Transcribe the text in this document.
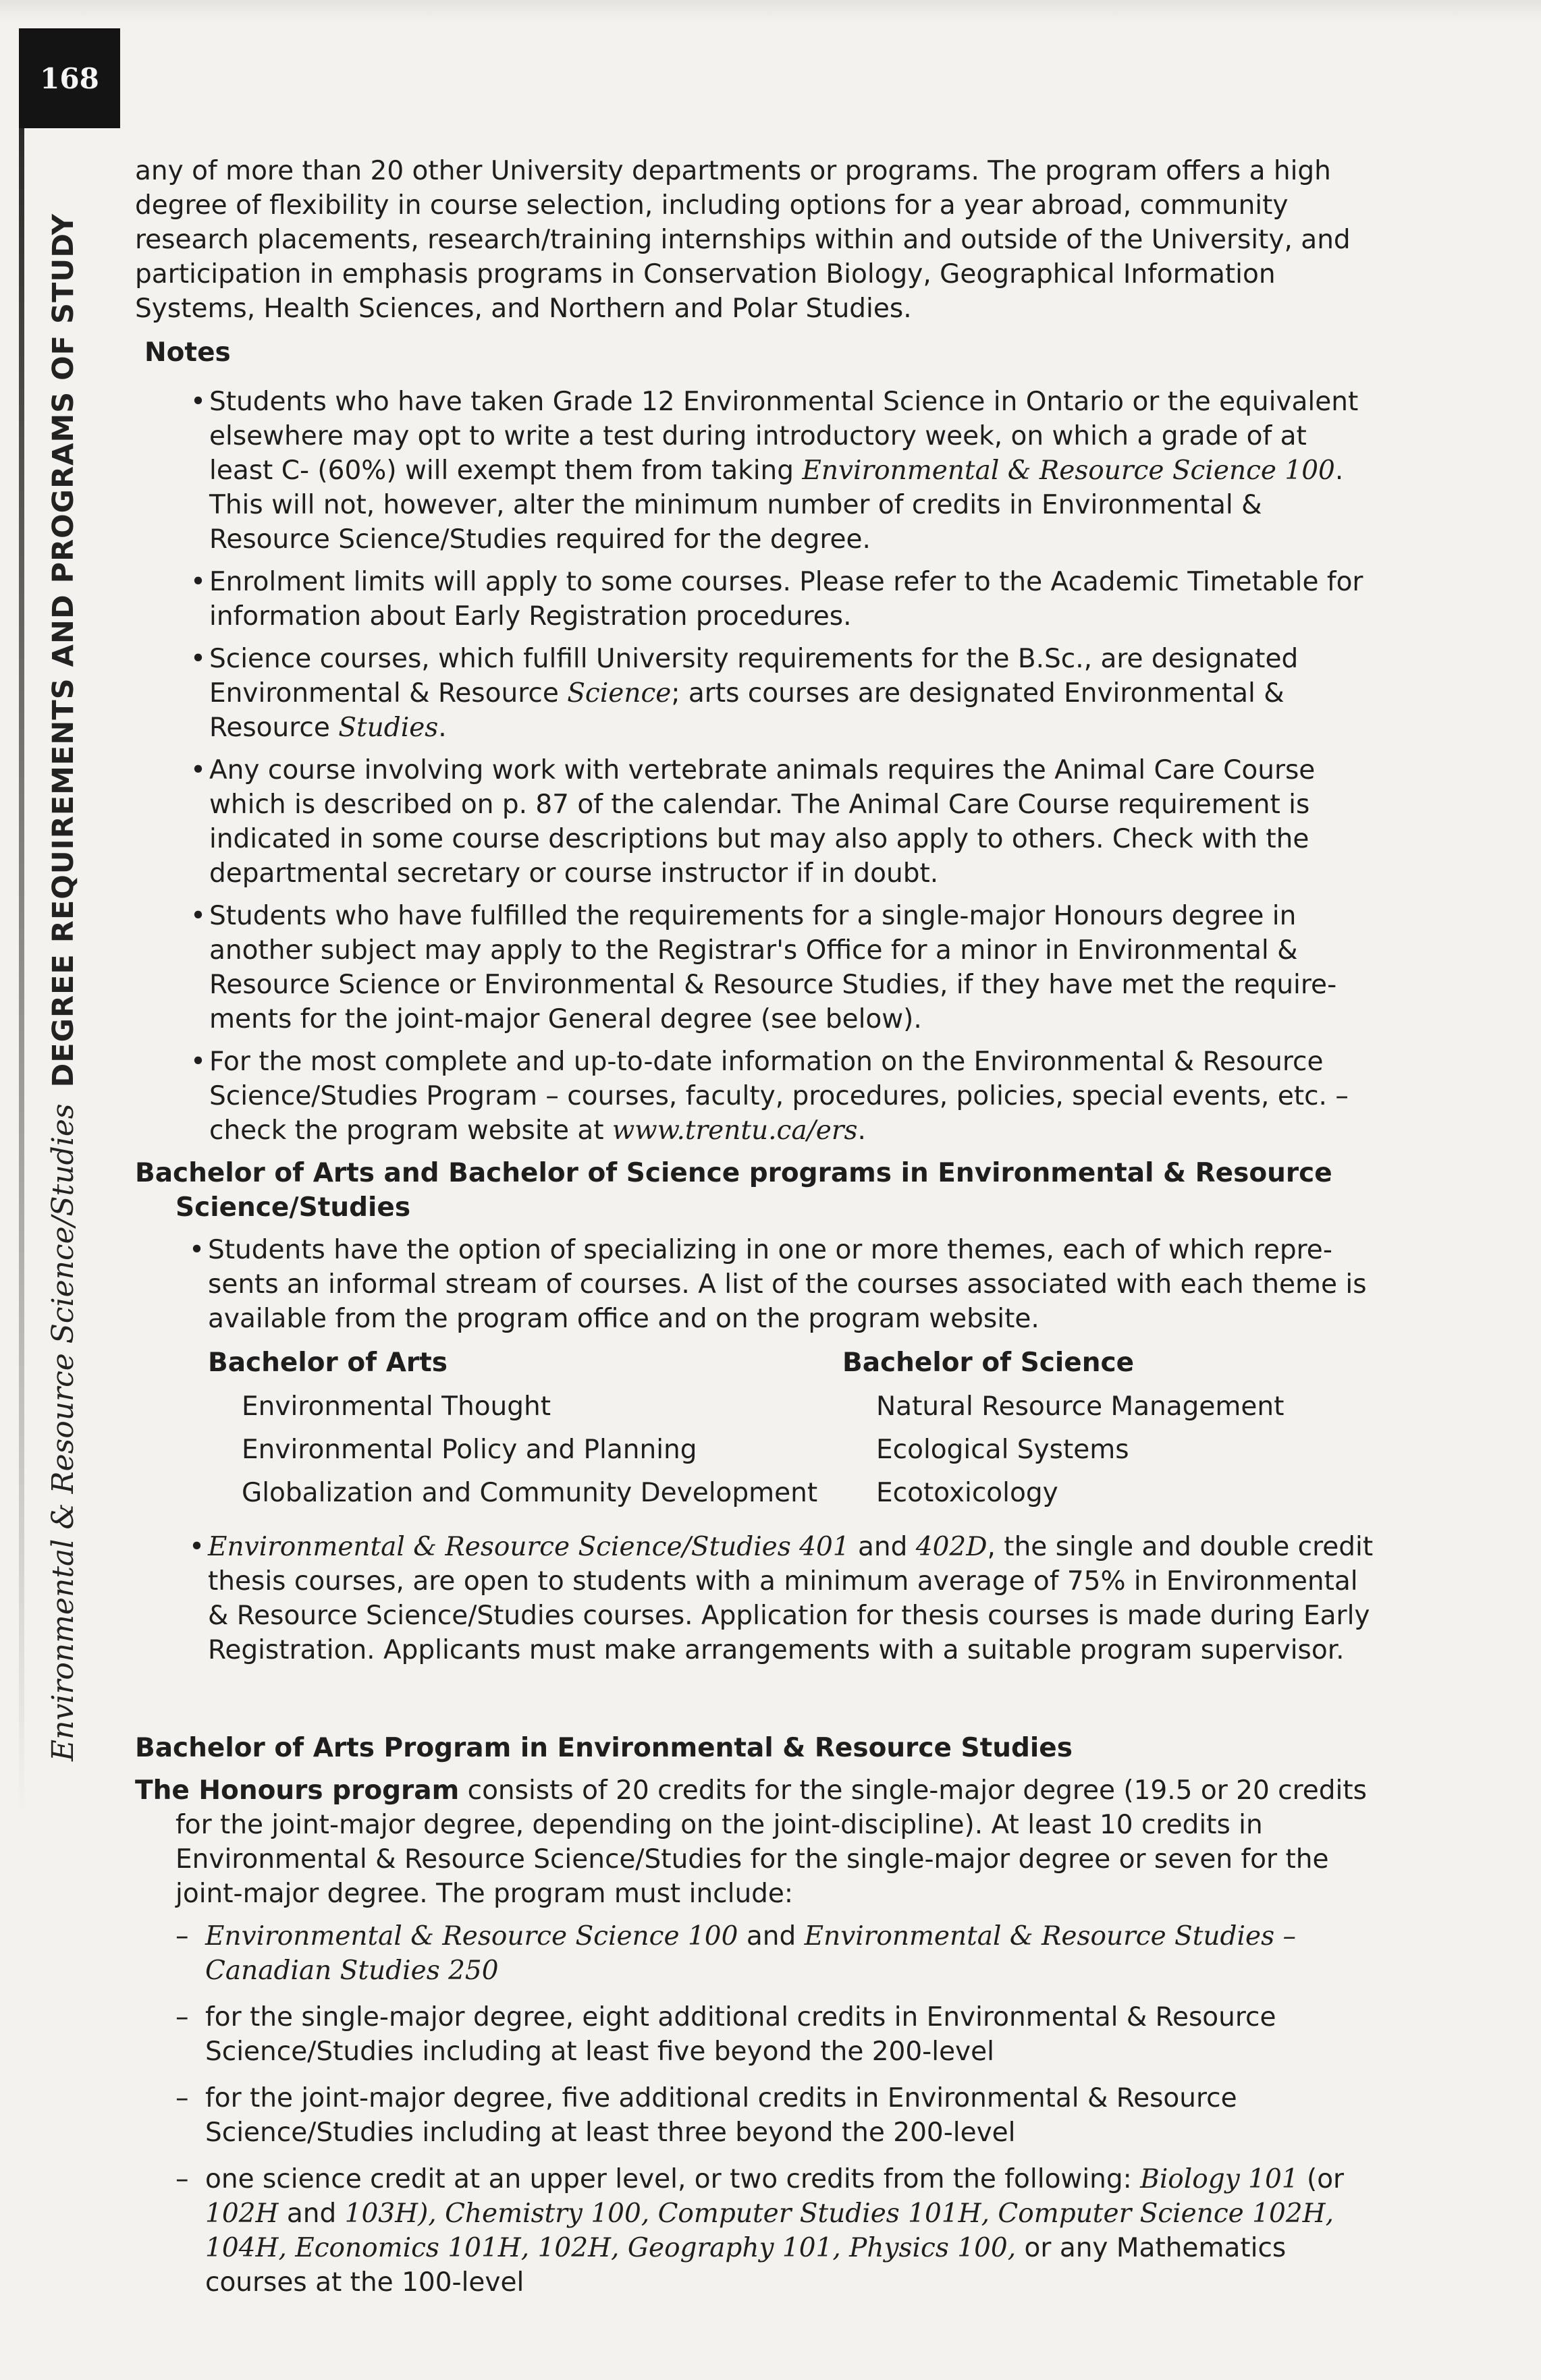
168
Environmental & Resource Science/StudiesDEGREE REQUIREMENTS AND PROGRAMS OF STUDY

any of more than 20 other University departments or programs. The program offers a high degree of flexibility in course selection, including options for a year abroad, community research placements, research/training internships within and outside of the University, and participation in emphasis programs in Conservation Biology, Geographical Information Systems, Health Sciences, and Northern and Polar Studies.

Notes

• Students who have taken Grade 12 Environmental Science in Ontario or the equivalent elsewhere may opt to write a test during introductory week, on which a grade of at least C- (60%) will exempt them from taking Environmental & Resource Science 100. This will not, however, alter the minimum number of credits in Environmental & Resource Science/Studies required for the degree.
• Enrolment limits will apply to some courses. Please refer to the Academic Timetable for information about Early Registration procedures.
• Science courses, which fulfill University requirements for the B.Sc., are designated Environmental & Resource Science; arts courses are designated Environmental & Resource Studies.
• Any course involving work with vertebrate animals requires the Animal Care Course which is described on p. 87 of the calendar. The Animal Care Course requirement is indicated in some course descriptions but may also apply to others. Check with the departmental secretary or course instructor if in doubt.
• Students who have fulfilled the requirements for a single-major Honours degree in another subject may apply to the Registrar's Office for a minor in Environmental & Resource Science or Environmental & Resource Studies, if they have met the requirements for the joint-major General degree (see below).
• For the most complete and up-to-date information on the Environmental & Resource Science/Studies Program – courses, faculty, procedures, policies, special events, etc. – check the program website at www.trentu.ca/ers.

Bachelor of Arts and Bachelor of Science programs in Environmental & Resource Science/Studies

• Students have the option of specializing in one or more themes, each of which represents an informal stream of courses. A list of the courses associated with each theme is available from the program office and on the program website.
Bachelor of Arts
Environmental Thought
Environmental Policy and Planning
Globalization and Community Development
Bachelor of Science
Natural Resource Management
Ecological Systems
Ecotoxicology
• Environmental & Resource Science/Studies 401 and 402D, the single and double credit thesis courses, are open to students with a minimum average of 75% in Environmental & Resource Science/Studies courses. Application for thesis courses is made during Early Registration. Applicants must make arrangements with a suitable program supervisor.

Bachelor of Arts Program in Environmental & Resource Studies

The Honours program consists of 20 credits for the single-major degree (19.5 or 20 credits for the joint-major degree, depending on the joint-discipline). At least 10 credits in Environmental & Resource Science/Studies for the single-major degree or seven for the joint-major degree. The program must include:

– Environmental & Resource Science 100 and Environmental & Resource Studies – Canadian Studies 250
– for the single-major degree, eight additional credits in Environmental & Resource Science/Studies including at least five beyond the 200-level
– for the joint-major degree, five additional credits in Environmental & Resource Science/Studies including at least three beyond the 200-level
– one science credit at an upper level, or two credits from the following: Biology 101 (or 102H and 103H), Chemistry 100, Computer Studies 101H, Computer Science 102H, 104H, Economics 101H, 102H, Geography 101, Physics 100, or any Mathematics courses at the 100-level
